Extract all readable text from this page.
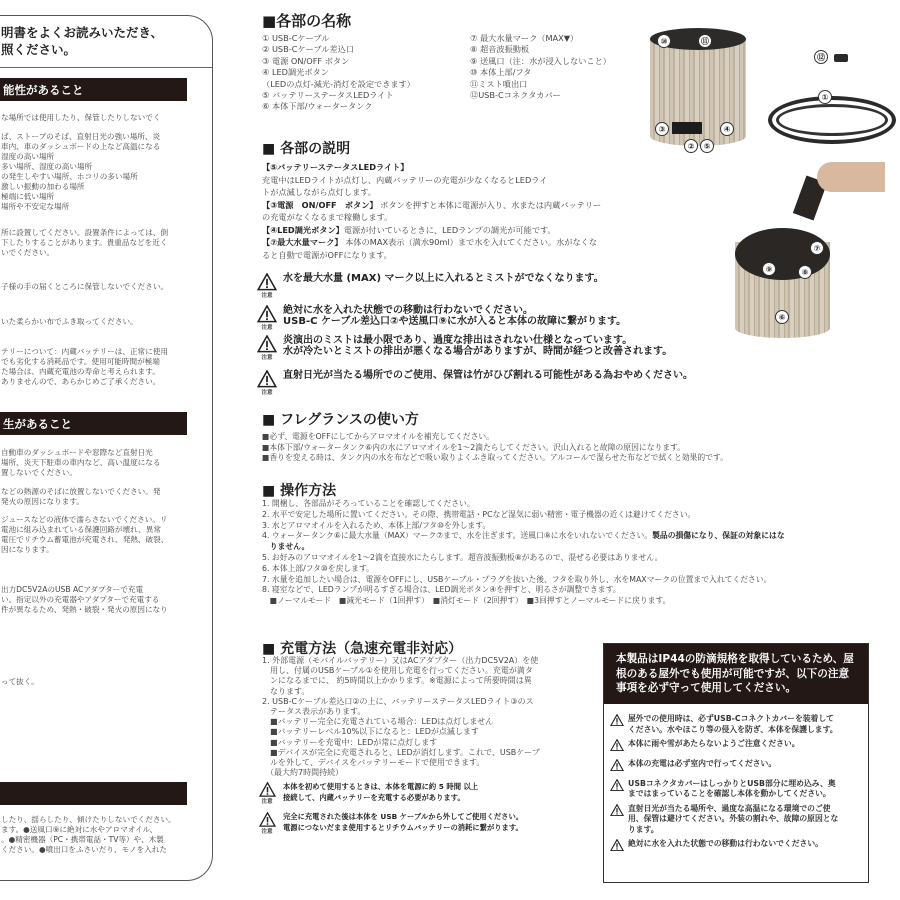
明書をよくお読みいただき、
照ください。
能性があること
生があること
な場所では使用したり、保管したりしないでく
ば、ストーブのそば、直射日光の強い場所、炎
車内、車のダッシュボードの上など高温になる
湿度の高い場所
多い場所、湿度の高い場所
の発生しやすい場所、ホコリの多い場所
激しい振動の加わる場所
極端に低い場所
場所や不安定な場所
所に設置してください。設置条件によっては、倒
下したりすることがあります。貴重品などを近く
いでください。
子様の手の届くところに保管しないでください。
いた柔らかい布でふき取ってください。
テリーについて：内蔵バッテリーは、正常に使用
でも劣化する消耗品です。使用可能時間が極端
た場合は、内蔵充電池の寿命と考えられます。
ありませんので、あらかじめご了承ください。
自動車のダッシュボードや窓際など直射日光
場所、炎天下駐車の車内など、高い温度になる
置しないでください。
などの熱源のそばに放置しないでください。発
発火の原因になります。
ジュースなどの液体で濡らさないでください。リ
電池に組み込まれている保護回路が壊れ、異常
電圧でリチウム蓄電池が充電され、発熱、破裂、
因になります。
出力DC5V2AのUSB ACアダプターで充電
い。指定以外の充電器やアダプターで充電する
件が異なるため、発熱・破裂・発火の原因になり
って抜く。
したり、揺らしたり、傾けたりしないでください。
ます。●送風口⑨に絶対に水やアロマオイル、
。●精密機器（PC・携帯電話・TV等）や、木製
ください。●噴出口をふさいだり、モノを入れた
■各部の名称
① USB-Cケーブル
② USB-Cケーブル差込口
③ 電源 ON/OFF ボタン
④ LED調光ボタン
（LEDの点灯-減光-消灯を設定できます）
⑤ バッテリーステータスLEDライト
⑥ 本体下部/ウォータータンク
⑦ 最大水量マーク（MAX▼）
⑧ 超音波振動板
⑨ 送風口（注：水が浸入しないこと）
⑩ 本体上部/フタ
⑪ミスト噴出口
⑫USB-Cコネクタカバー
⑩	⑪
③	④
②	⑤
⑫
①
⑦
⑨	⑧
⑥
■ 各部の説明
【⑤バッテリーステータスLEDライト】
充電中はLEDライトが点灯し、内蔵バッテリーの充電が少なくなるとLEDライ
トが点滅しながら点灯します。
【③電源　ON/OFF　ボタン】 ボタンを押すと本体に電源が入り、水または内蔵バッテリー
の充電がなくなるまで稼働します。
【④LED調光ボタン】電源が付いているときに、LEDランプの調光が可能です。
【⑦最大水量マーク】 本体のMAX表示（満水90ml）まで水を入れてください。水がなくな
ると自動で電源がOFFになります。
注意
水を最大水量 (MAX) マーク以上に入れるとミストがでなくなります。
注意
絶対に水を入れた状態での移動は行わないでください。
USB-C ケーブル差込口②や送風口⑨に水が入ると本体の故障に繋がります。
注意
炎演出のミストは最小限であり、過度な排出はされない仕様となっています。
水が冷たいとミストの排出が悪くなる場合がありますが、時間が経つと改善されます。
注意
直射日光が当たる場所でのご使用、保管は竹がひび割れる可能性がある為おやめください。
■ フレグランスの使い方
■必ず、電源をOFFにしてからアロマオイルを補充してください。
■本体下部/ウォータータンク⑥内の水にアロマオイルを1〜2滴たらしてください。沢山入れると故障の原因になります。
■香りを変える時は、タンク内の水を布などで吸い取りよくふき取ってください。アルコールで湿らせた布などで拭くと効果的です。
■ 操作方法
1. 開梱し、各部品がそろっていることを確認してください。
2. 水平で安定した場所に置いてください。その際、携帯電話・PCなど湿気に弱い精密・電子機器の近くは避けてください。
3. 水とアロマオイルを入れるため、本体上部/フタ⑩を外します。
4. ウォータータンク⑥に最大水量（MAX）マーク⑦まで、水を注ぎます。送風口⑨に水をいれないでください。製品の損傷になり、保証の対象にはな
　りません。
5. お好みのアロマオイルを1〜2滴を直接水にたらします。超音波振動板⑧があるので、混ぜる必要はありません。
6. 本体上部/フタ⑩を戻します。
7. 水量を追加したい場合は、電源をOFFにし、USBケーブル・プラグを抜いた後、フタを取り外し、水をMAXマークの位置まで入れてください。
8. 寝室などで、LEDランプが明るすぎる場合は、LED調光ボタン④を押すと、明るさが調整できます。
　■ノーマルモード　■減光モード（1回押す）　■消灯モード（2回押す）　■3回押すとノーマルモードに戻ります。
■ 充電方法（急速充電非対応）
1. 外部電源（モバイルバッテリー）又はACアダプター（出力DC5V2A）を使
　用し、付属のUSBケーブル①を使用し充電を行ってください。充電が満タ
　ンになるまでに、 約5時間以上かかります。※電源によって所要時間は異
　なります。
2. USB-Cケーブル差込口②の上に、バッテリーステータスLEDライト③のス
　テータス表示があります。
　■バッテリー完全に充電されている場合：LEDは点灯しません
　■バッテリーレベル10%以下になると：LEDが点滅します
　■バッテリーを充電中：LEDが常に点灯します
　■デバイスが完全に充電されると、LEDが消灯します。これで、USBケーブ
　ルを外して、デバイスをバッテリーモードで使用できます。
　（最大約7時間持続）
注意
本体を初めて使用するときは、本体を電源に約 5 時間 以上
接続して、内蔵バッテリーを充電する必要があります。
注意
完全に充電された後は本体を USB ケーブルから外してご使用ください。
電源につないだまま使用するとリチウムバッテリーの消耗に繋がります。
本製品はIP44の防滴規格を取得しているため、屋
根のある屋外でも使用が可能ですが、以下の注意
事項を必ず守って使用してください。
屋外での使用時は、必ずUSB-Cコネクトカバーを装着して
ください。水やほこり等の侵入を防ぎ、本体を保護します。
本体に雨や雪があたらないようご注意ください。
本体の充電は必ず室内で行ってください。
USBコネクタカバーはしっかりとUSB部分に埋め込み、奥
まではまっていることを確認し本体を動かしてください。
直射日光が当たる場所や、過度な高温になる環境でのご使
用、保管は避けてください。外装の割れや、故障の原因とな
ります。
絶対に水を入れた状態での移動は行わないでください。
